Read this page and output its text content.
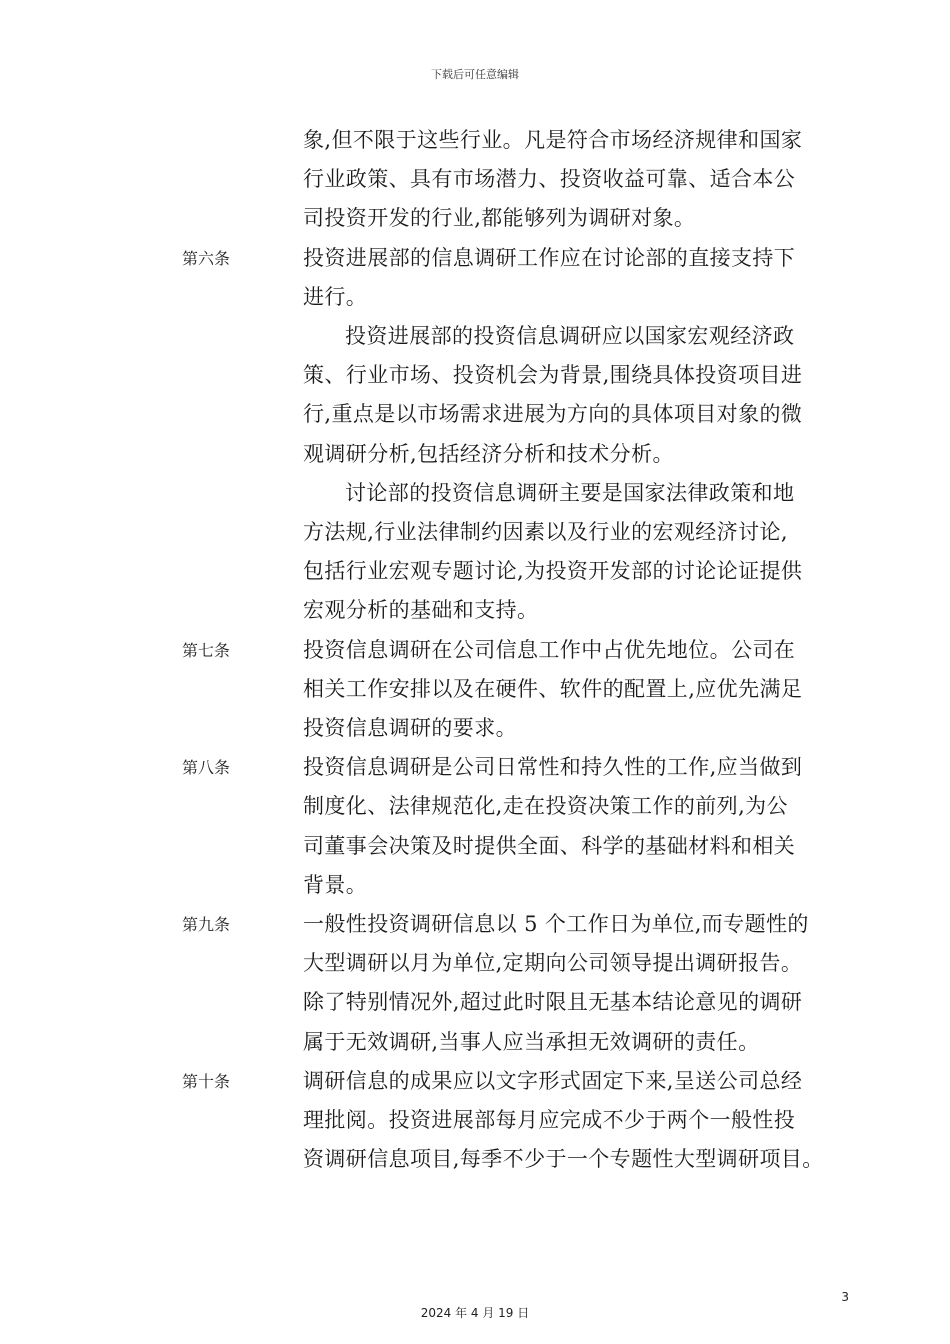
下载后可任意编辑
象,但不限于这些行业。凡是符合市场经济规律和国家
行业政策、具有市场潜力、投资收益可靠、适合本公
司投资开发的行业,都能够列为调研对象。
第六条	投资进展部的信息调研工作应在讨论部的直接支持下
进行。
投资进展部的投资信息调研应以国家宏观经济政
策、行业市场、投资机会为背景,围绕具体投资项目进
行,重点是以市场需求进展为方向的具体项目对象的微
观调研分析,包括经济分析和技术分析。
讨论部的投资信息调研主要是国家法律政策和地
方法规,行业法律制约因素以及行业的宏观经济讨论,
包括行业宏观专题讨论,为投资开发部的讨论论证提供
宏观分析的基础和支持。
第七条	投资信息调研在公司信息工作中占优先地位。公司在
相关工作安排以及在硬件、软件的配置上,应优先满足
投资信息调研的要求。
第八条	投资信息调研是公司日常性和持久性的工作,应当做到
制度化、法律规范化,走在投资决策工作的前列,为公
司董事会决策及时提供全面、科学的基础材料和相关
背景。
第九条	一般性投资调研信息以 5 个工作日为单位,而专题性的
大型调研以月为单位,定期向公司领导提出调研报告。
除了特别情况外,超过此时限且无基本结论意见的调研
属于无效调研,当事人应当承担无效调研的责任。
第十条	调研信息的成果应以文字形式固定下来,呈送公司总经
理批阅。投资进展部每月应完成不少于两个一般性投
资调研信息项目,每季不少于一个专题性大型调研项目。
3
2024 年 4 月 19 日
